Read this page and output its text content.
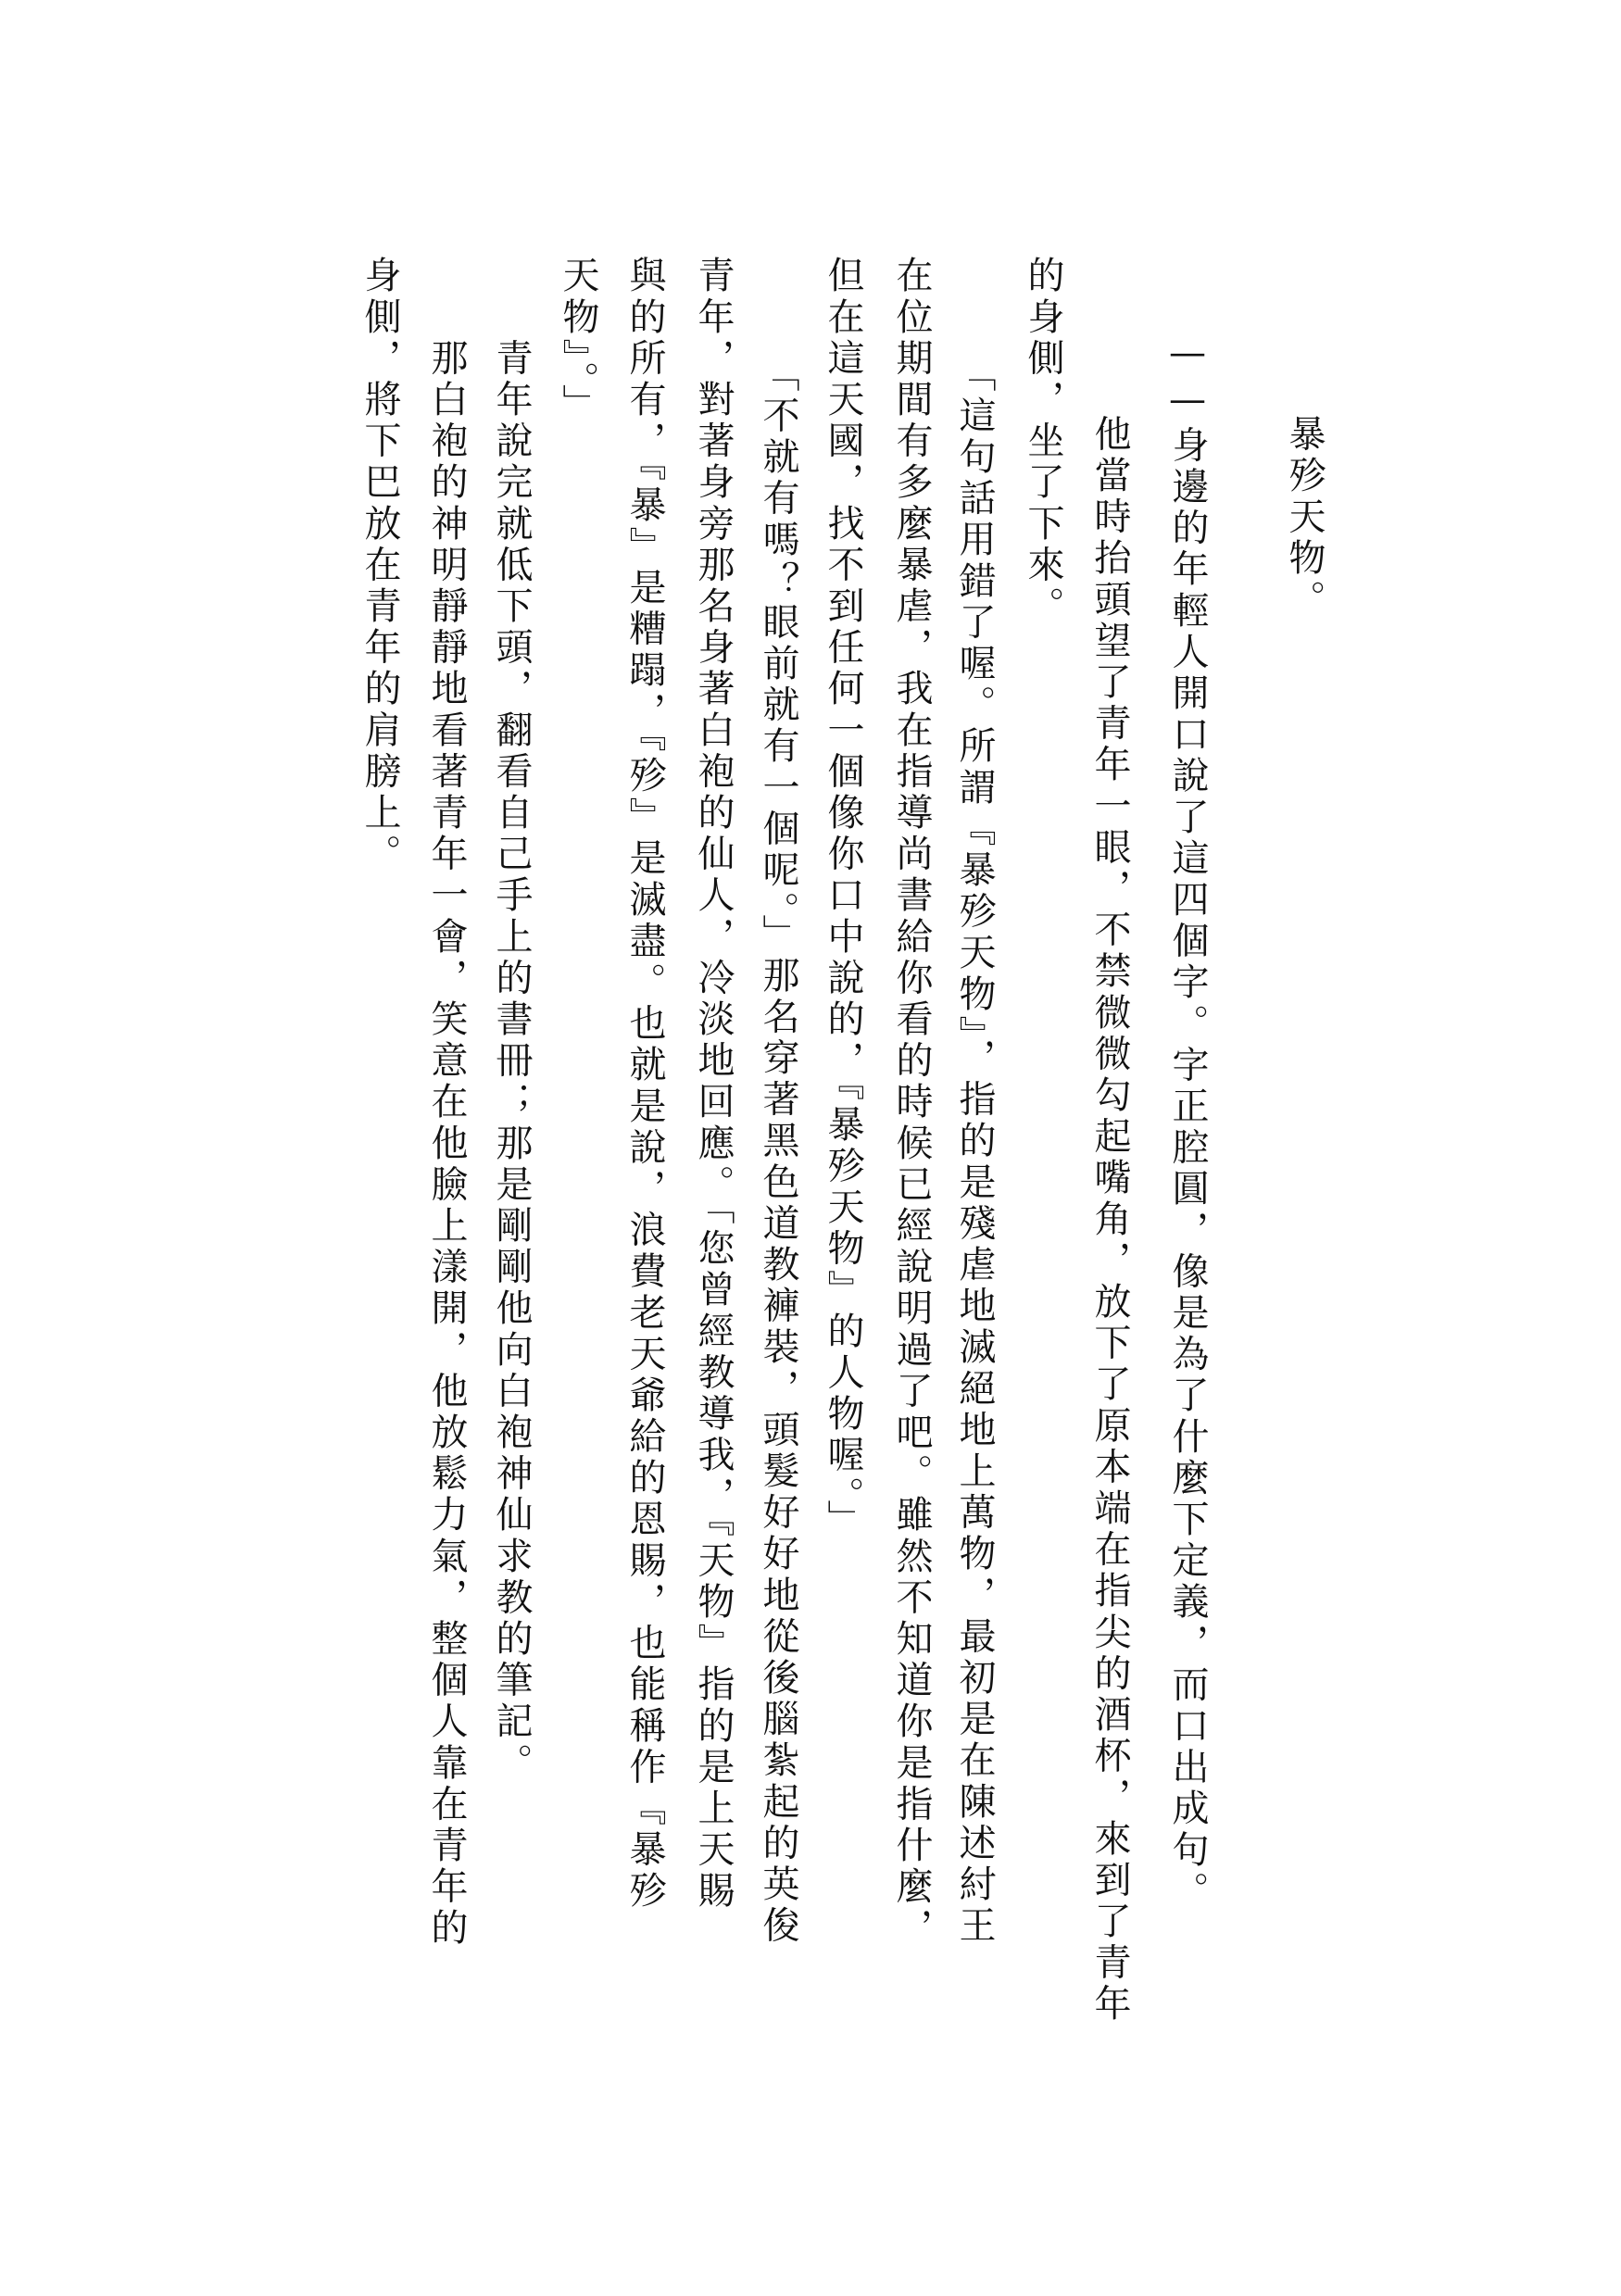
　　暴殄天物。
——身邊的年輕人開口說了這四個字。字正腔圓，像是為了什麼下定義，而口出成句。
　　他當時抬頭望了青年一眼，不禁微微勾起嘴角，放下了原本端在指尖的酒杯，來到了青年
的身側，坐了下來。
　「這句話用錯了喔。所謂『暴殄天物』，指的是殘虐地滅絕地上萬物，最初是在陳述紂王
在位期間有多麼暴虐，我在指導尚書給你看的時候已經說明過了吧。雖然不知道你是指什麼，
但在這天國，找不到任何一個像你口中說的，『暴殄天物』的人物喔。」
　「不就有嗎？眼前就有一個呢。」那名穿著黑色道教褲裝，頭髮好好地從後腦紮起的英俊
青年，對著身旁那名身著白袍的仙人，冷淡地回應。「您曾經教導我，『天物』指的是上天賜
與的所有，『暴』是糟蹋，『殄』是滅盡。也就是說，浪費老天爺給的恩賜，也能稱作『暴殄
天物』。」
　　青年說完就低下頭，翻看自己手上的書冊；那是剛剛他向白袍神仙求教的筆記。
　　那白袍的神明靜靜地看著青年一會，笑意在他臉上漾開，他放鬆力氣，整個人靠在青年的
身側，將下巴放在青年的肩膀上。
